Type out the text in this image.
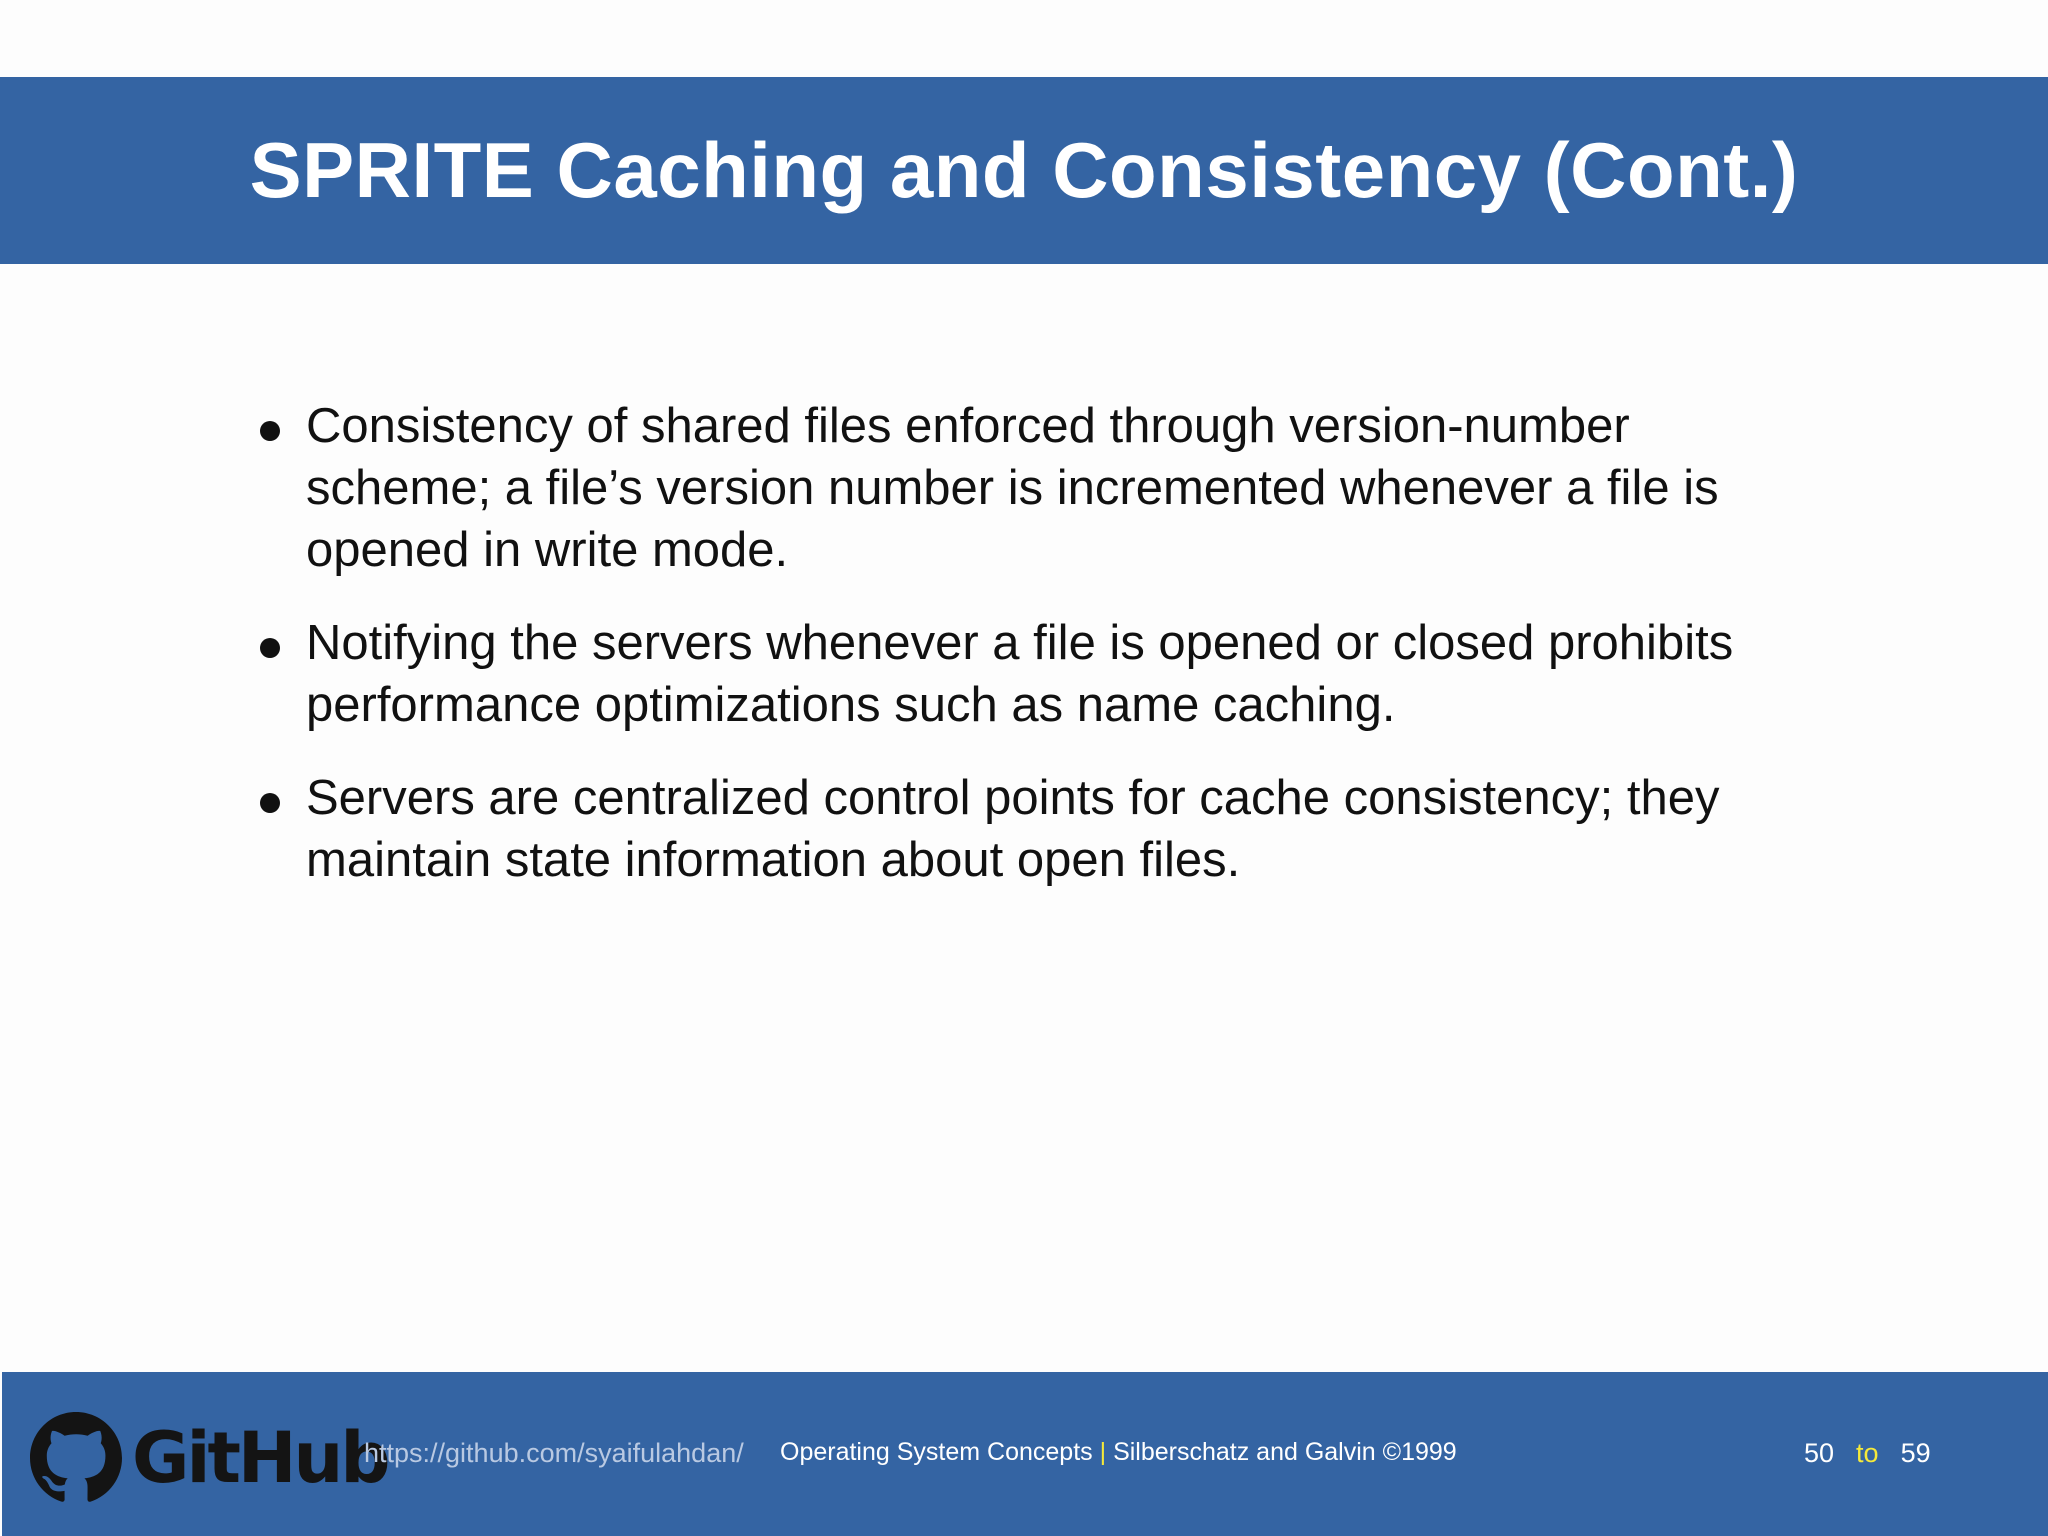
SPRITE Caching and Consistency (Cont.)
Consistency of shared files enforced through version-number scheme; a file’s version number is incremented whenever a file is opened in write mode.
Notifying the servers whenever a file is opened or closed prohibits performance optimizations such as name caching.
Servers are centralized control points for cache consistency; they maintain state information about open files.
GitHub
https://github.com/syaifulahdan/ Operating System Concepts | Silberschatz and Galvin ©1999	50 to 59
